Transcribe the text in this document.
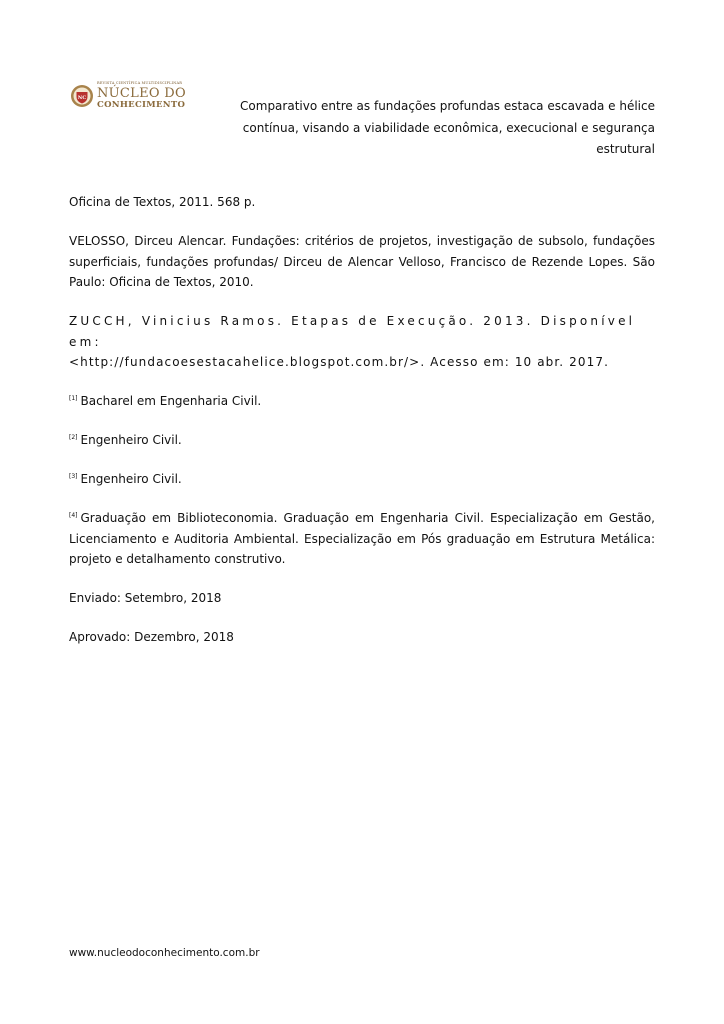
NC
REVISTA CIENTÍFICA MULTIDISCIPLINAR
NÚCLEO DO
CONHECIMENTO	Comparativo entre as fundações profundas estaca escavada e hélice contínua, visando a viabilidade econômica, execucional e segurança estrutural

Oficina de Textos, 2011. 568 p.

VELOSSO, Dirceu Alencar. Fundações: critérios de projetos, investigação de subsolo, fundações superficiais, fundações profundas/ Dirceu de Alencar Velloso, Francisco de Rezende Lopes. São Paulo: Oficina de Textos, 2010.

ZUCCH, Vinicius Ramos. Etapas de Execução. 2013. Disponível em:
<http://fundacoesestacahelice.blogspot.com.br/>. Acesso em: 10 abr. 2017.

[1] Bacharel em Engenharia Civil.

[2] Engenheiro Civil.

[3] Engenheiro Civil.

[4] Graduação em Biblioteconomia. Graduação em Engenharia Civil. Especialização em Gestão, Licenciamento e Auditoria Ambiental. Especialização em Pós graduação em Estrutura Metálica: projeto e detalhamento construtivo.

Enviado: Setembro, 2018

Aprovado: Dezembro, 2018

www.nucleodoconhecimento.com.br
